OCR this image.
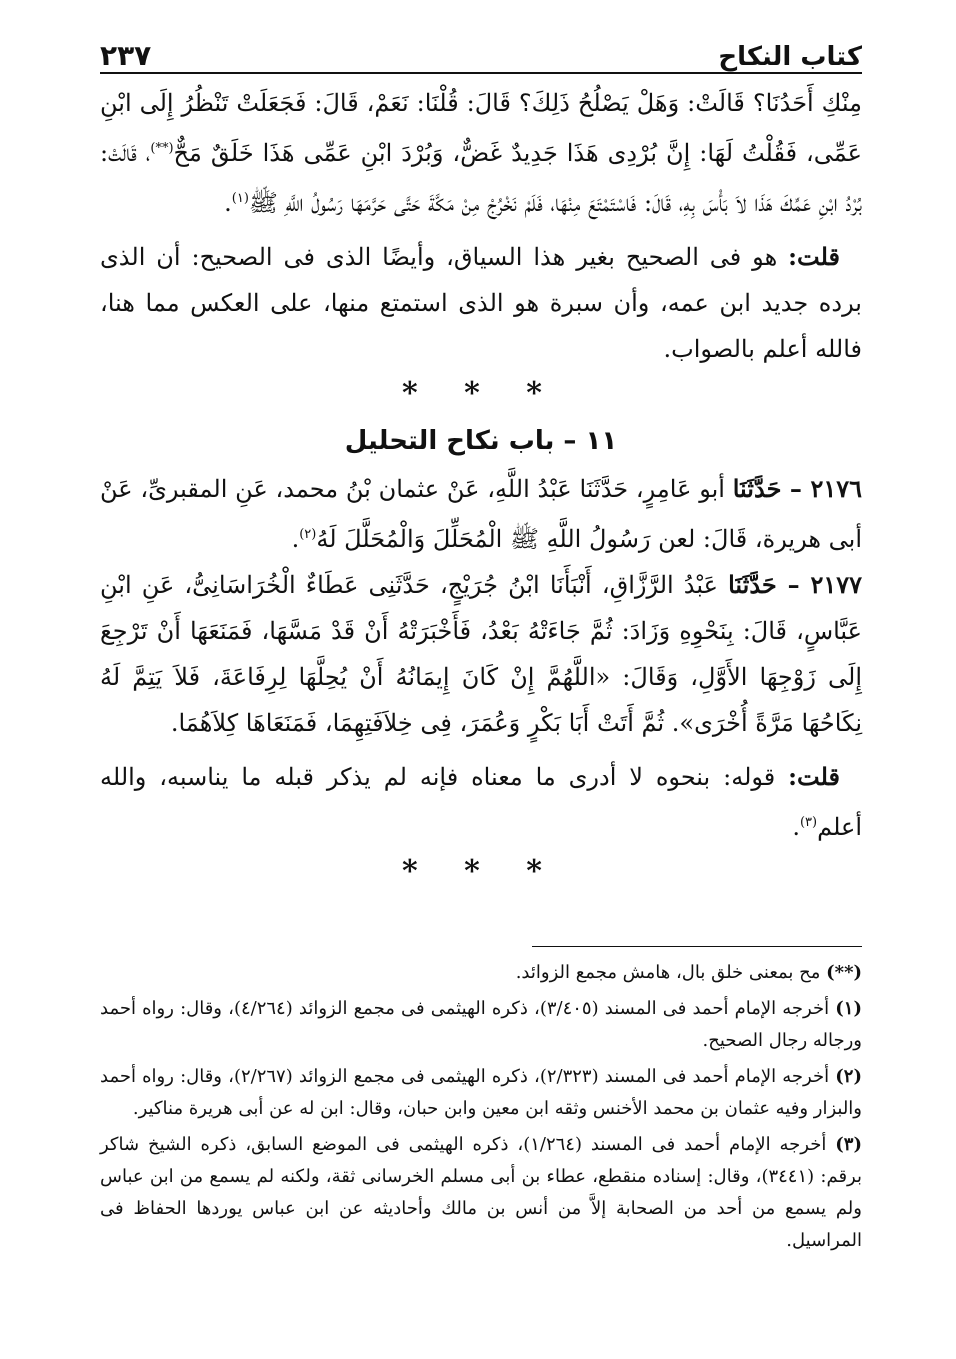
كتاب النكاح
٢٣٧

مِنْكِ أَحَدُنَا؟ قَالَتْ: وَهَلْ يَصْلُحُ ذَلِكَ؟ قَالَ: قُلْنَا: نَعَمْ، قَالَ: فَجَعَلَتْ تَنْظُرُ إِلَى ابْنِ عَمِّى، فَقُلْتُ لَهَا: إِنَّ بُرْدِى هَذَا جَدِيدٌ غَضٌّ، وَبُرْدَ ابْنِ عَمِّى هَذَا خَلَقٌ مَحٌّ(**)، قَالَتْ: بُرْدُ ابْنِ عَمِّكَ هَذَا لاَ بَأْسَ بِهِ، قَالَ: فَاسْتَمْتَعَ مِنْهَا، فَلَمْ نَخْرُجْ مِنْ مَكَّةَ حَتَّى حَرَّمَهَا رَسُولُ اللَّهِ ﷺ$^{(١)}$.

قلت: هو فى الصحيح بغير هذا السياق، وأيضًا الذى فى الصحيح: أن الذى برده جديد ابن عمه، وأن سبرة هو الذى استمتع منها، على العكس مما هنا، فالله أعلم بالصواب.

* * *
١١ – باب نكاح التحليل

٢١٧٦ – حَدَّثَنَا أبو عَامِرٍ، حَدَّثَنَا عَبْدُ اللَّهِ، عَنْ عثمان بْنُ محمد، عَنِ المقبرىِّ، عَنْ أبى هريرة، قَالَ: لعن رَسُولُ اللَّهِ ﷺ الْمُحَلِّلَ وَالْمُحَلَّلَ لَهُ$^{(٢)}$.

٢١٧٧ – حَدَّثَنَا عَبْدُ الرَّزَّاقِ، أَنْبَأَنَا ابْنُ جُرَيْجٍ، حَدَّثَنِى عَطَاءٌ الْخُرَاسَانِىُّ، عَنِ ابْنِ عَبَّاسٍ، قَالَ: بِنَحْوِهِ وَزَادَ: ثُمَّ جَاءَتْهُ بَعْدُ، فَأَخْبَرَتْهُ أَنْ قَدْ مَسَّهَا، فَمَنَعَهَا أَنْ تَرْجِعَ إِلَى زَوْجِهَا الأَوَّلِ، وَقَالَ: «اللَّهُمَّ إِنْ كَانَ إِيمَانُهُ أَنْ يُحِلَّهَا لِرِفَاعَةَ، فَلاَ يَتِمَّ لَهُ نِكَاحُهَا مَرَّةً أُخْرَى». ثُمَّ أَتَتْ أَبَا بَكْرٍ وَعُمَرَ، فِى خِلاَفَتِهِمَا، فَمَنَعَاهَا كِلاَهُمَا.

قلت: قوله: بنحوه لا أدرى ما معناه فإنه لم يذكر قبله ما يناسبه، والله أعلم$^{(٣)}$.

* * *

(**) مح بمعنى خلق بال، هامش مجمع الزوائد.

(١) أخرجه الإمام أحمد فى المسند (٣/٤٠٥)، ذكره الهيثمى فى مجمع الزوائد (٤/٢٦٤)، وقال: رواه أحمد ورجاله رجال الصحيح.

(٢) أخرجه الإمام أحمد فى المسند (٢/٣٢٣)، ذكره الهيثمى فى مجمع الزوائد (٢/٢٦٧)، وقال: رواه أحمد والبزار وفيه عثمان بن محمد الأخنس وثقه ابن معين وابن حبان، وقال: ابن له عن أبى هريرة مناكير.

(٣) أخرجه الإمام أحمد فى المسند (١/٢٦٤)، ذكره الهيثمى فى الموضع السابق، ذكره الشيخ شاكر برقم: (٣٤٤١)، وقال: إسناده منقطع، عطاء بن أبى مسلم الخرسانى ثقة، ولكنه لم يسمع من ابن عباس ولم يسمع من أحد من الصحابة إلاَّ من أنس بن مالك وأحاديثه عن ابن عباس يوردها الحفاظ فى المراسيل.
